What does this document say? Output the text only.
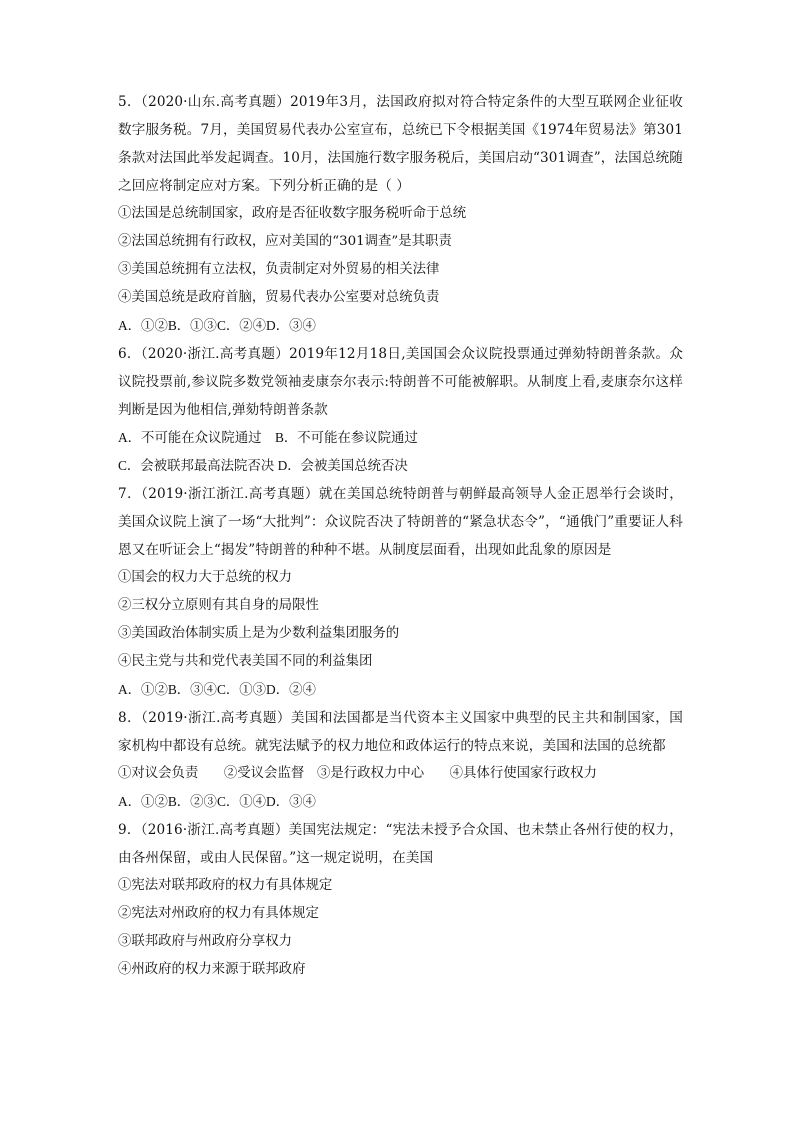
5．（2020·山东.高考真题）2019年3月，法国政府拟对符合特定条件的大型互联网企业征收数字服务税。7月，美国贸易代表办公室宣布，总统已下令根据美国《1974年贸易法》第301条款对法国此举发起调查。10月，法国施行数字服务税后，美国启动“301调查”，法国总统随之回应将制定应对方案。下列分析正确的是（ ）

①法国是总统制国家，政府是否征收数字服务税听命于总统

②法国总统拥有行政权，应对美国的“301调查”是其职责

③美国总统拥有立法权，负责制定对外贸易的相关法律

④美国总统是政府首脑，贸易代表办公室要对总统负责

A．①②B．①③C．②④D．③④

6．（2020·浙江.高考真题）2019年12月18日,美国国会众议院投票通过弹劾特朗普条款。众议院投票前,参议院多数党领袖麦康奈尔表示:特朗普不可能被解职。从制度上看,麦康奈尔这样判断是因为他相信,弹劾特朗普条款

A．不可能在众议院通过    B．不可能在参议院通过

C．会被联邦最高法院否决 D．会被美国总统否决

7．（2019·浙江浙江.高考真题）就在美国总统特朗普与朝鲜最高领导人金正恩举行会谈时，美国众议院上演了一场“大批判”：众议院否决了特朗普的“紧急状态令”，“通俄门”重要证人科恩又在听证会上“揭发”特朗普的种种不堪。从制度层面看，出现如此乱象的原因是

①国会的权力大于总统的权力

②三权分立原则有其自身的局限性

③美国政治体制实质上是为少数利益集团服务的

④民主党与共和党代表美国不同的利益集团

A．①②B．③④C．①③D．②④

8．（2019·浙江.高考真题）美国和法国都是当代资本主义国家中典型的民主共和制国家，国家机构中都设有总统。就宪法赋予的权力地位和政体运行的特点来说，美国和法国的总统都

①对议会负责      ②受议会监督   ③是行政权力中心      ④具体行使国家行政权力

A．①②B．②③C．①④D．③④

9．（2016·浙江.高考真题）美国宪法规定：“宪法未授予合众国、也未禁止各州行使的权力，由各州保留，或由人民保留。”这一规定说明，在美国

①宪法对联邦政府的权力有具体规定

②宪法对州政府的权力有具体规定

③联邦政府与州政府分享权力

④州政府的权力来源于联邦政府
